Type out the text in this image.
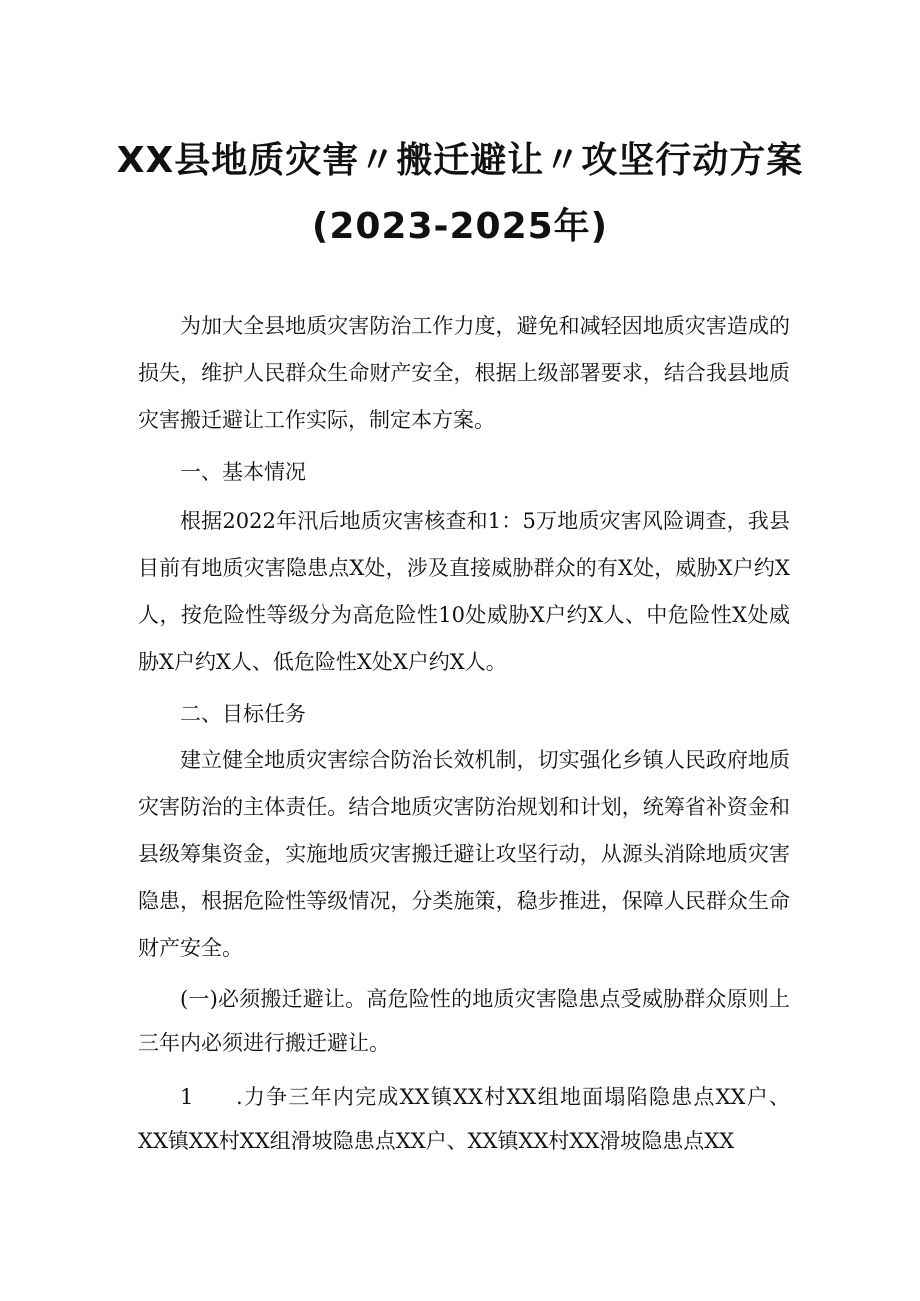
XX县地质灾害〃搬迁避让〃攻坚行动方案
(2023-2025年)

为加大全县地质灾害防治工作力度，避免和减轻因地质灾害造成的损失，维护人民群众生命财产安全，根据上级部署要求，结合我县地质灾害搬迁避让工作实际，制定本方案。

一、基本情况

根据2022年汛后地质灾害核查和1：5万地质灾害风险调查，我县目前有地质灾害隐患点X处，涉及直接威胁群众的有X处，威胁X户约X人，按危险性等级分为高危险性10处威胁X户约X人、中危险性X处威胁X户约X人、低危险性X处X户约X人。

二、目标任务

建立健全地质灾害综合防治长效机制，切实强化乡镇人民政府地质灾害防治的主体责任。结合地质灾害防治规划和计划，统筹省补资金和县级筹集资金，实施地质灾害搬迁避让攻坚行动，从源头消除地质灾害隐患，根据危险性等级情况，分类施策，稳步推进，保障人民群众生命财产安全。

(一)必须搬迁避让。高危险性的地质灾害隐患点受威胁群众原则上三年内必须进行搬迁避让。

1 .力争三年内完成XX镇XX村XX组地面塌陷隐患点XX户、XX镇XX村XX组滑坡隐患点XX户、XX镇XX村XX滑坡隐患点XX
